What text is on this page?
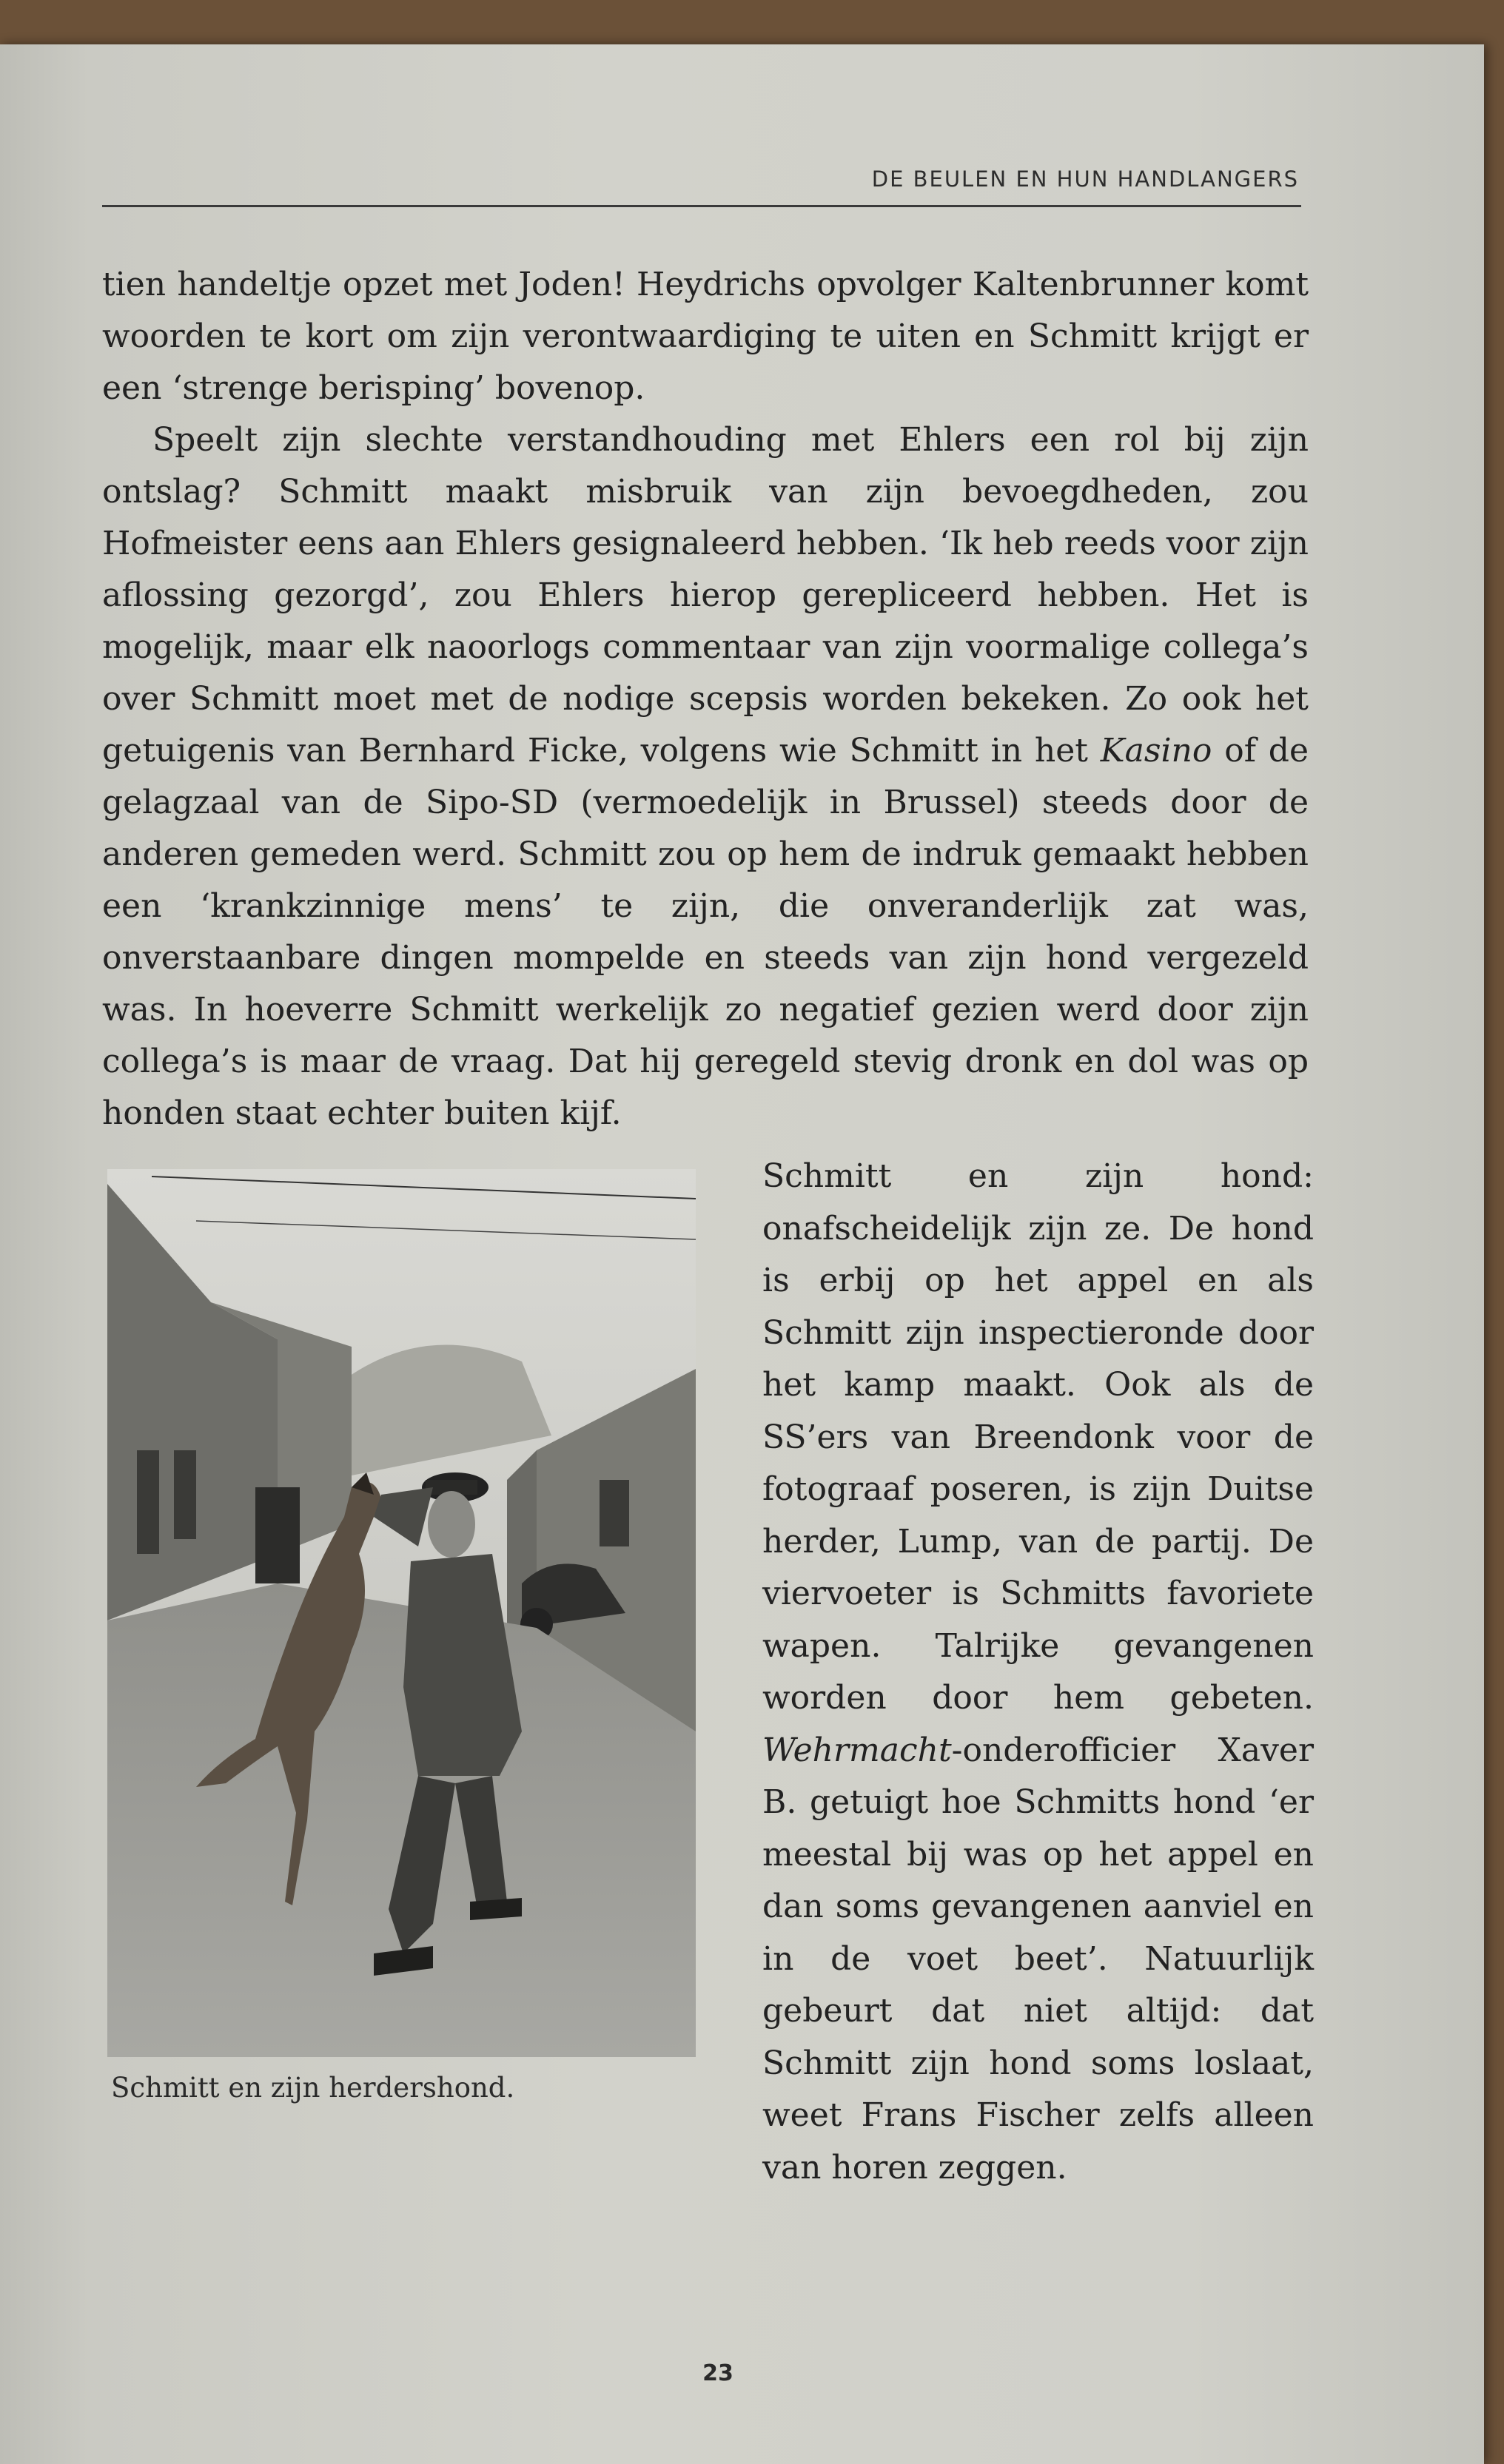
DE BEULEN EN HUN HANDLANGERS

tien handeltje opzet met Joden! Heydrichs opvolger Kaltenbrunner komt woorden te kort om zijn verontwaardiging te uiten en Schmitt krijgt er een ‘strenge berisping’ bovenop.

Speelt zijn slechte verstandhouding met Ehlers een rol bij zijn ontslag? Schmitt maakt misbruik van zijn bevoegdheden, zou Hofmeister eens aan Ehlers gesignaleerd hebben. ‘Ik heb reeds voor zijn aflossing gezorgd’, zou Ehlers hierop gerepliceerd hebben. Het is mogelijk, maar elk naoorlogs commentaar van zijn voormalige collega’s over Schmitt moet met de nodige scepsis worden bekeken. Zo ook het getuigenis van Bernhard Ficke, volgens wie Schmitt in het Kasino of de gelagzaal van de Sipo-SD (vermoedelijk in Brussel) steeds door de anderen gemeden werd. Schmitt zou op hem de indruk gemaakt hebben een ‘krankzinnige mens’ te zijn, die onveranderlijk zat was, onverstaanbare dingen mompelde en steeds van zijn hond vergezeld was. In hoeverre Schmitt werkelijk zo negatief gezien werd door zijn collega’s is maar de vraag. Dat hij geregeld stevig dronk en dol was op honden staat echter buiten kijf.

Schmitt en zijn herdershond.

Schmitt en zijn hond: onafscheidelijk zijn ze. De hond is erbij op het appel en als Schmitt zijn inspectieronde door het kamp maakt. Ook als de SS’ers van Breendonk voor de fotograaf poseren, is zijn Duitse herder, Lump, van de partij. De viervoeter is Schmitts favoriete wapen. Talrijke gevangenen worden door hem gebeten. Wehrmacht-onderofficier Xaver B. getuigt hoe Schmitts hond ‘er meestal bij was op het appel en dan soms gevangenen aanviel en in de voet beet’. Natuurlijk gebeurt dat niet altijd: dat Schmitt zijn hond soms loslaat, weet Frans Fischer zelfs alleen van horen zeggen.

23
